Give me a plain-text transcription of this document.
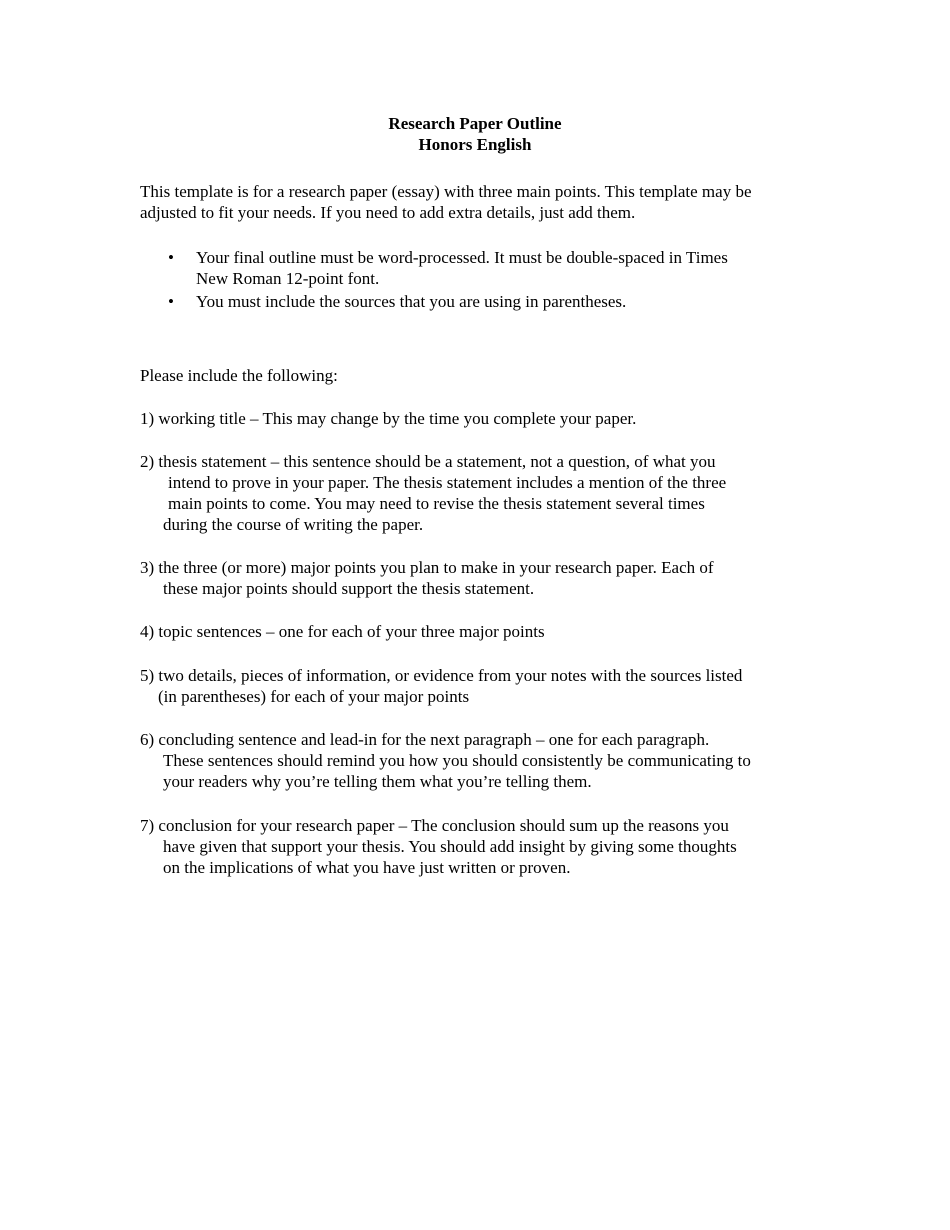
Research Paper Outline
Honors English
This template is for a research paper (essay) with three main points. This template may be
adjusted to fit your needs. If you need to add extra details, just add them.
• Your final outline must be word-processed. It must be double-spaced in Times
New Roman 12-point font.
• You must include the sources that you are using in parentheses.
Please include the following:
1) working title – This may change by the time you complete your paper.
2) thesis statement – this sentence should be a statement, not a question, of what you
intend to prove in your paper. The thesis statement includes a mention of the three
main points to come. You may need to revise the thesis statement several times
during the course of writing the paper.
3) the three (or more) major points you plan to make in your research paper. Each of
these major points should support the thesis statement.
4) topic sentences – one for each of your three major points
5) two details, pieces of information, or evidence from your notes with the sources listed
(in parentheses) for each of your major points
6) concluding sentence and lead-in for the next paragraph – one for each paragraph.
These sentences should remind you how you should consistently be communicating to
your readers why you’re telling them what you’re telling them.
7) conclusion for your research paper – The conclusion should sum up the reasons you
have given that support your thesis. You should add insight by giving some thoughts
on the implications of what you have just written or proven.
